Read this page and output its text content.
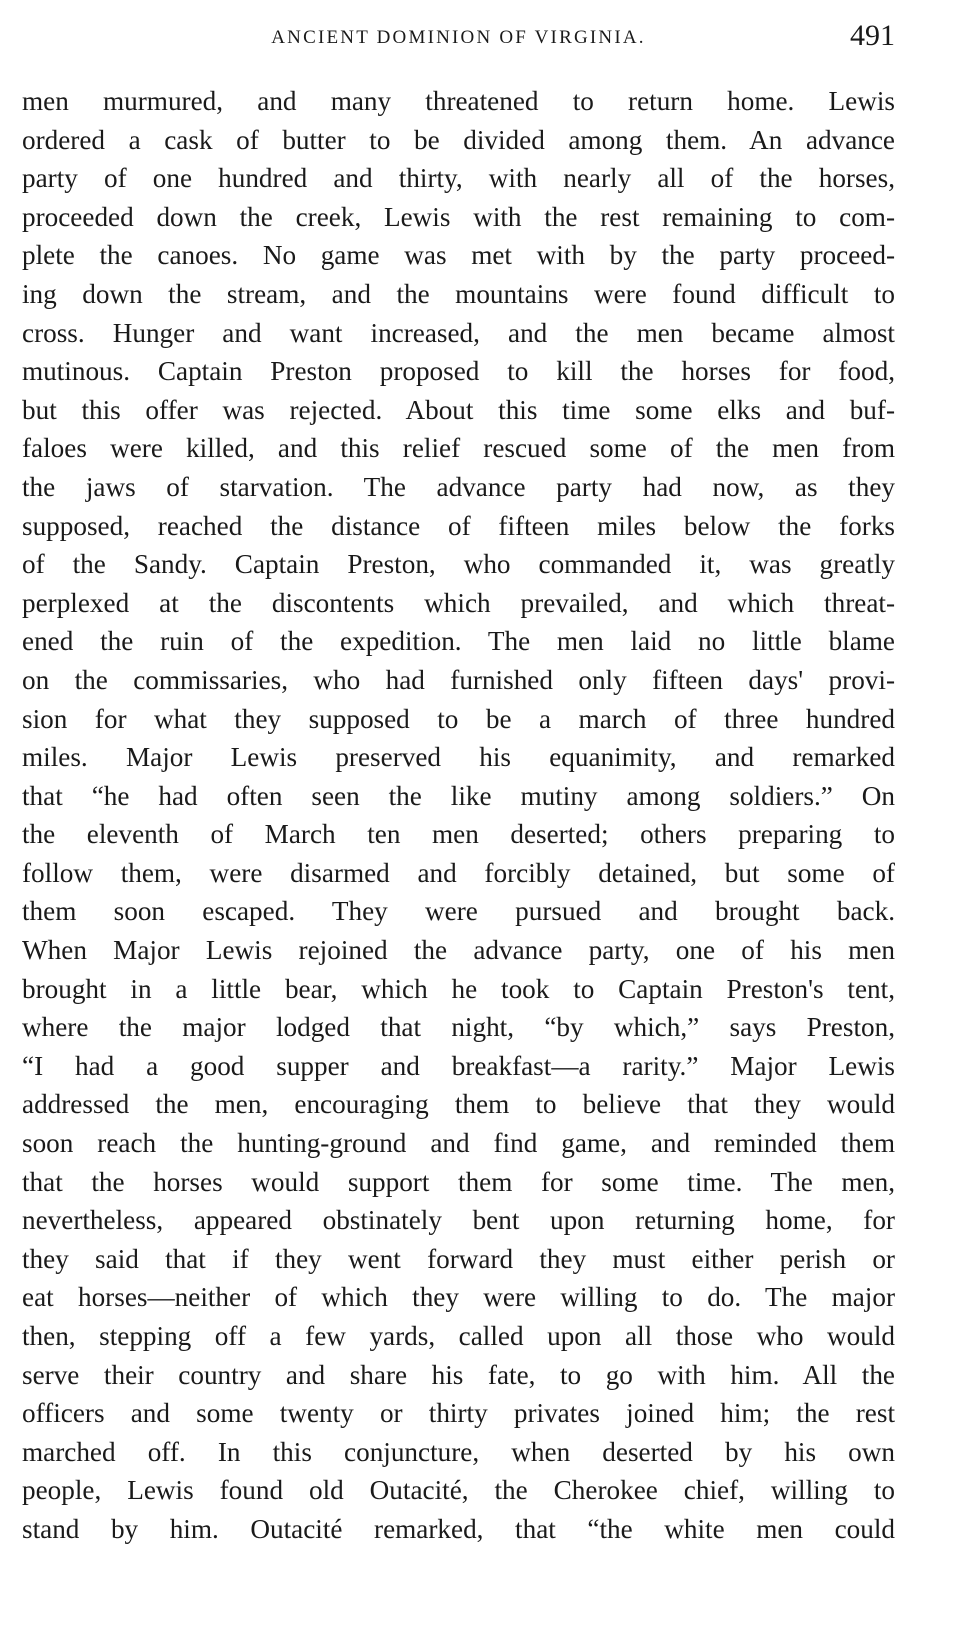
ANCIENT DOMINION OF VIRGINIA.	491
men murmured, and many threatened to return home. Lewis
ordered a cask of butter to be divided among them. An advance
party of one hundred and thirty, with nearly all of the horses,
proceeded down the creek, Lewis with the rest remaining to com-
plete the canoes. No game was met with by the party proceed-
ing down the stream, and the mountains were found difficult to
cross. Hunger and want increased, and the men became almost
mutinous. Captain Preston proposed to kill the horses for food,
but this offer was rejected. About this time some elks and buf-
faloes were killed, and this relief rescued some of the men from
the jaws of starvation. The advance party had now, as they
supposed, reached the distance of fifteen miles below the forks
of the Sandy. Captain Preston, who commanded it, was greatly
perplexed at the discontents which prevailed, and which threat-
ened the ruin of the expedition. The men laid no little blame
on the commissaries, who had furnished only fifteen days' provi-
sion for what they supposed to be a march of three hundred
miles. Major Lewis preserved his equanimity, and remarked
that “he had often seen the like mutiny among soldiers.” On
the eleventh of March ten men deserted; others preparing to
follow them, were disarmed and forcibly detained, but some of
them soon escaped. They were pursued and brought back.
When Major Lewis rejoined the advance party, one of his men
brought in a little bear, which he took to Captain Preston's tent,
where the major lodged that night, “by which,” says Preston,
“I had a good supper and breakfast—a rarity.” Major Lewis
addressed the men, encouraging them to believe that they would
soon reach the hunting-ground and find game, and reminded them
that the horses would support them for some time. The men,
nevertheless, appeared obstinately bent upon returning home, for
they said that if they went forward they must either perish or
eat horses—neither of which they were willing to do. The major
then, stepping off a few yards, called upon all those who would
serve their country and share his fate, to go with him. All the
officers and some twenty or thirty privates joined him; the rest
marched off. In this conjuncture, when deserted by his own
people, Lewis found old Outacité, the Cherokee chief, willing to
stand by him. Outacité remarked, that “the white men could
